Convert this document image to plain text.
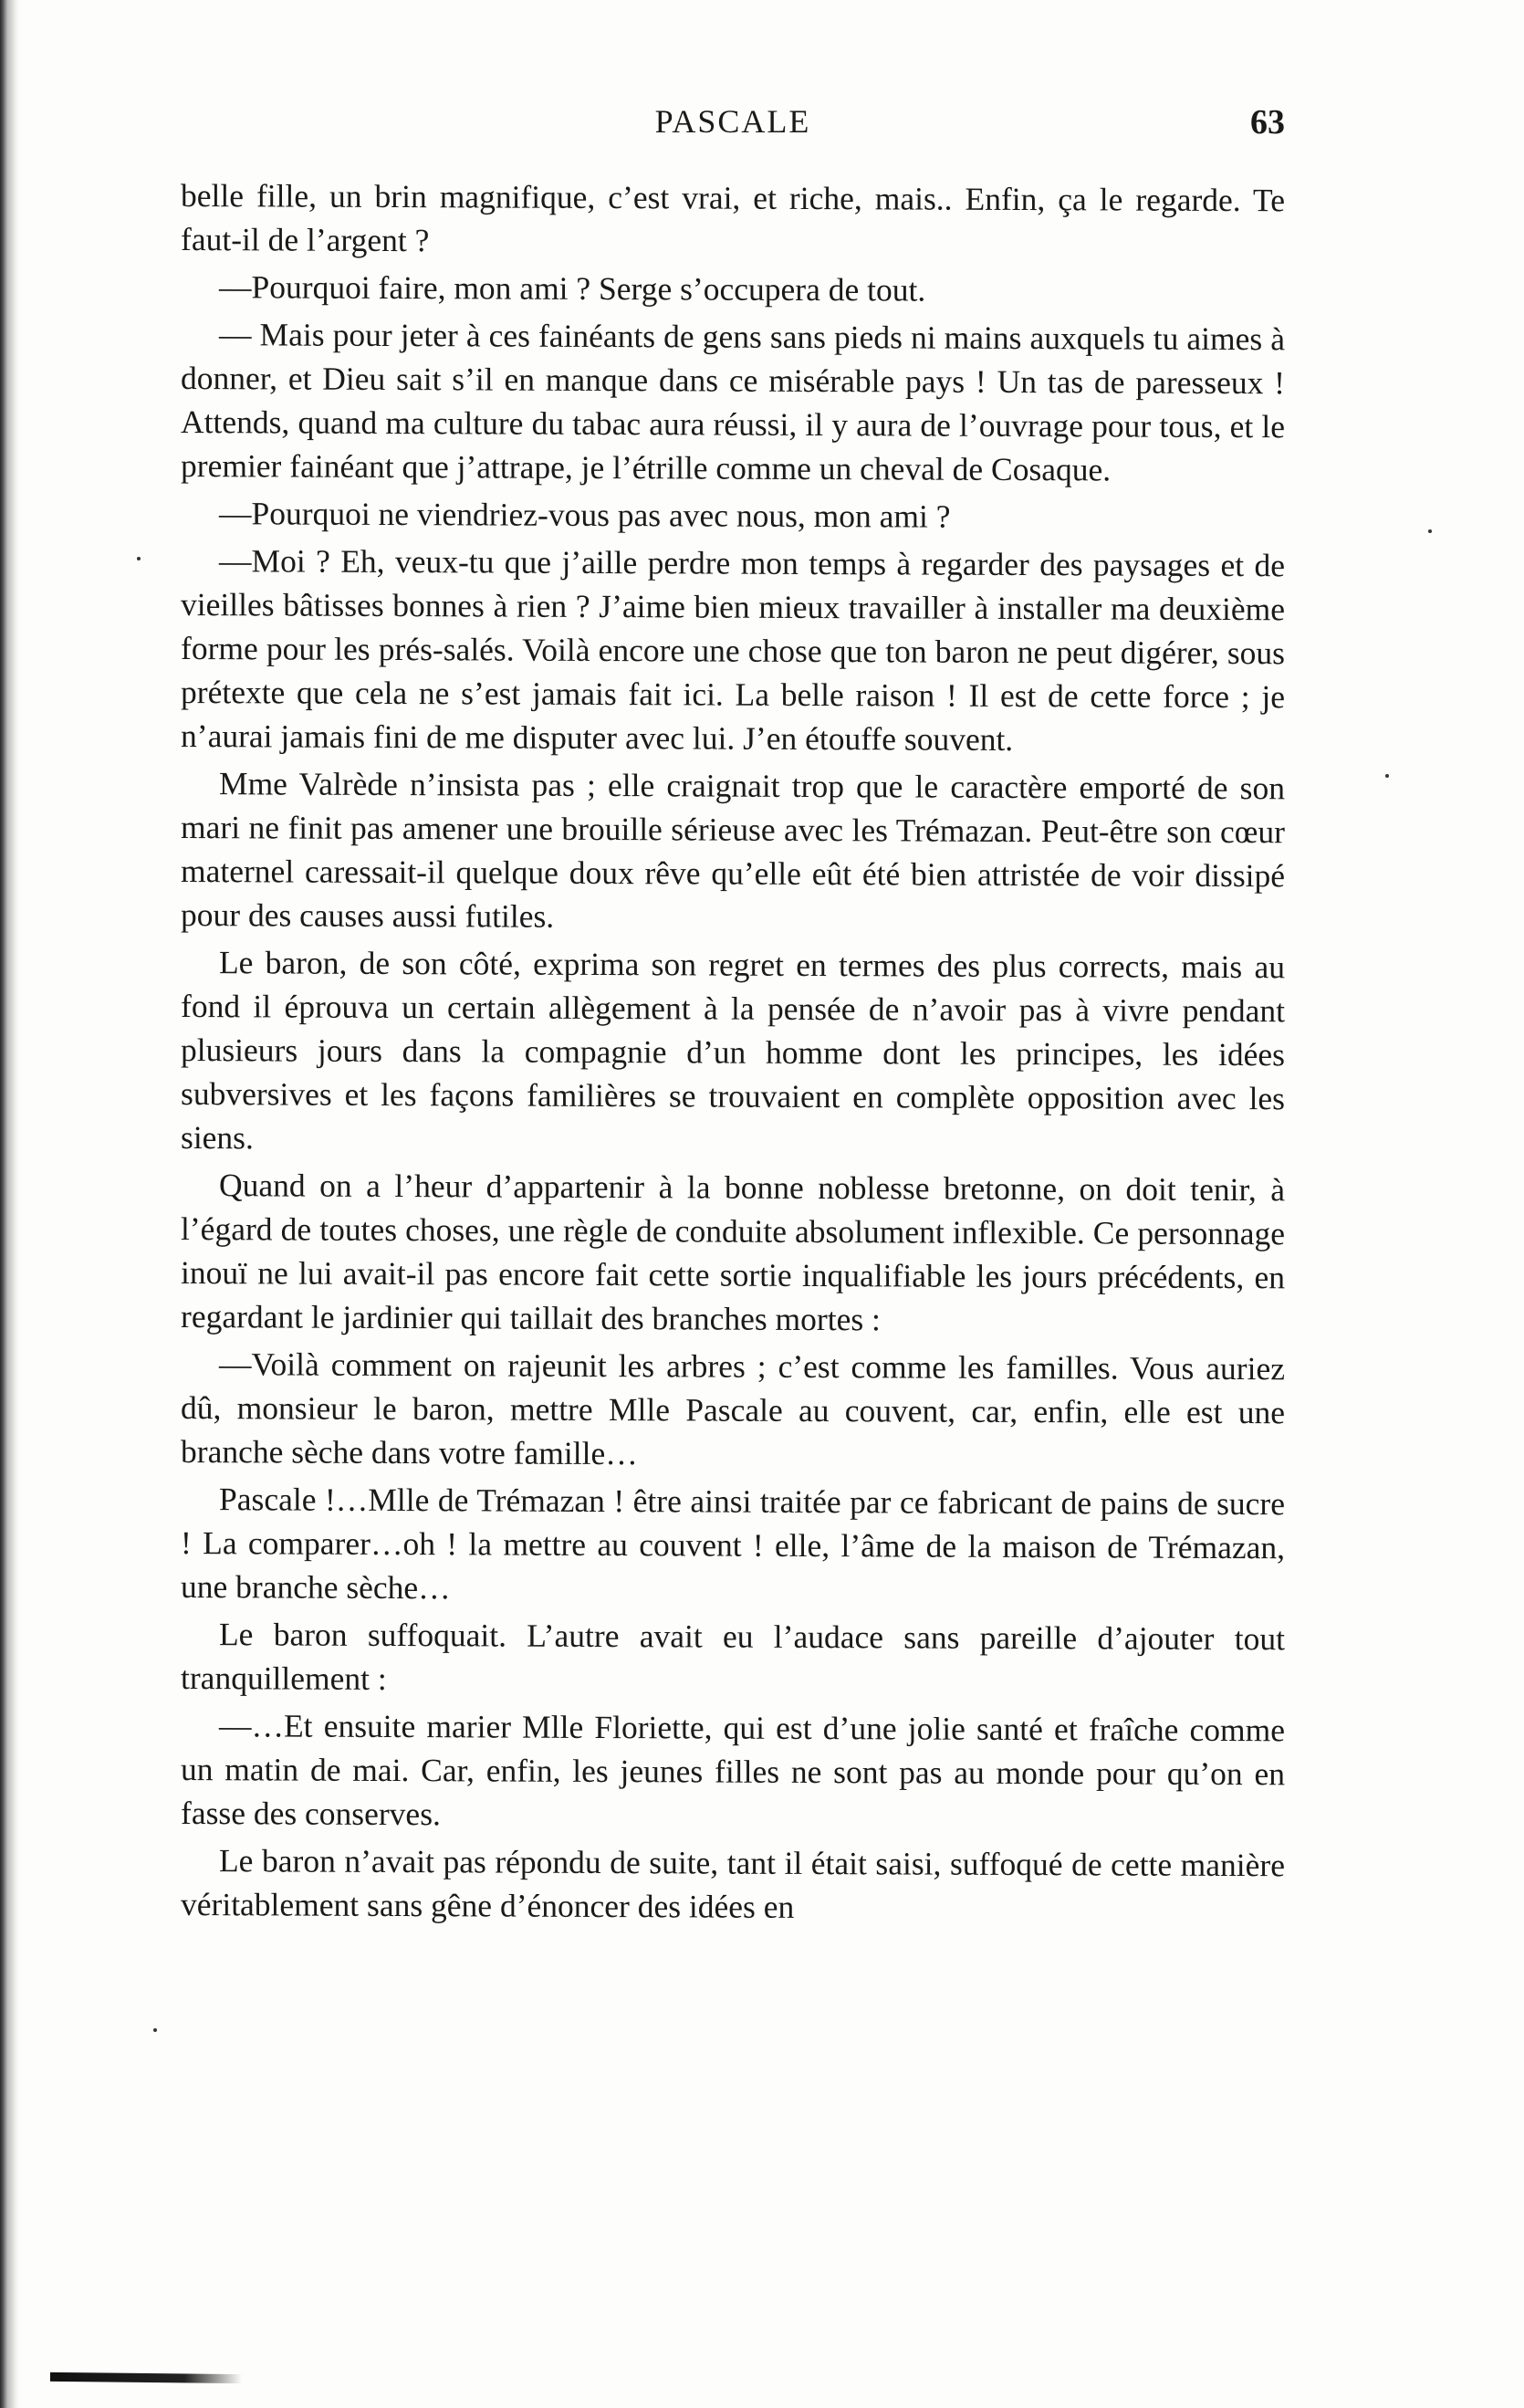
PASCALE	63

belle fille, un brin magnifique, c’est vrai, et riche, mais.. Enfin, ça le regarde. Te faut-il de l’argent ?

—Pourquoi faire, mon ami ? Serge s’occupera de tout.

— Mais pour jeter à ces fainéants de gens sans pieds ni mains auxquels tu aimes à donner, et Dieu sait s’il en manque dans ce misérable pays ! Un tas de paresseux ! Attends, quand ma culture du tabac aura réussi, il y aura de l’ouvrage pour tous, et le premier fainéant que j’attrape, je l’étrille comme un cheval de Cosaque.

—Pourquoi ne viendriez-vous pas avec nous, mon ami ?

—Moi ? Eh, veux-tu que j’aille perdre mon temps à regarder des paysages et de vieilles bâtisses bonnes à rien ? J’aime bien mieux travailler à installer ma deuxième forme pour les prés-salés. Voilà encore une chose que ton baron ne peut digérer, sous prétexte que cela ne s’est jamais fait ici. La belle raison ! Il est de cette force ; je n’aurai jamais fini de me disputer avec lui. J’en étouffe souvent.

Mme Valrède n’insista pas ; elle craignait trop que le caractère emporté de son mari ne finit pas amener une brouille sérieuse avec les Trémazan. Peut-être son cœur maternel caressait-il quelque doux rêve qu’elle eût été bien attristée de voir dissipé pour des causes aussi futiles.

Le baron, de son côté, exprima son regret en termes des plus corrects, mais au fond il éprouva un certain allègement à la pensée de n’avoir pas à vivre pendant plusieurs jours dans la compagnie d’un homme dont les principes, les idées subversives et les façons familières se trouvaient en complète opposition avec les siens.

Quand on a l’heur d’appartenir à la bonne noblesse bretonne, on doit tenir, à l’égard de toutes choses, une règle de conduite absolument inflexible. Ce personnage inouï ne lui avait-il pas encore fait cette sortie inqualifiable les jours précédents, en regardant le jardinier qui taillait des branches mortes :

—Voilà comment on rajeunit les arbres ; c’est comme les familles. Vous auriez dû, monsieur le baron, mettre Mlle Pascale au couvent, car, enfin, elle est une branche sèche dans votre famille…

Pascale !…Mlle de Trémazan ! être ainsi traitée par ce fabricant de pains de sucre ! La comparer…oh ! la mettre au couvent ! elle, l’âme de la maison de Trémazan, une branche sèche…

Le baron suffoquait. L’autre avait eu l’audace sans pareille d’ajouter tout tranquillement :

—…Et ensuite marier Mlle Floriette, qui est d’une jolie santé et fraîche comme un matin de mai. Car, enfin, les jeunes filles ne sont pas au monde pour qu’on en fasse des conserves.

Le baron n’avait pas répondu de suite, tant il était saisi, suffoqué de cette manière véritablement sans gêne d’énoncer des idées en
